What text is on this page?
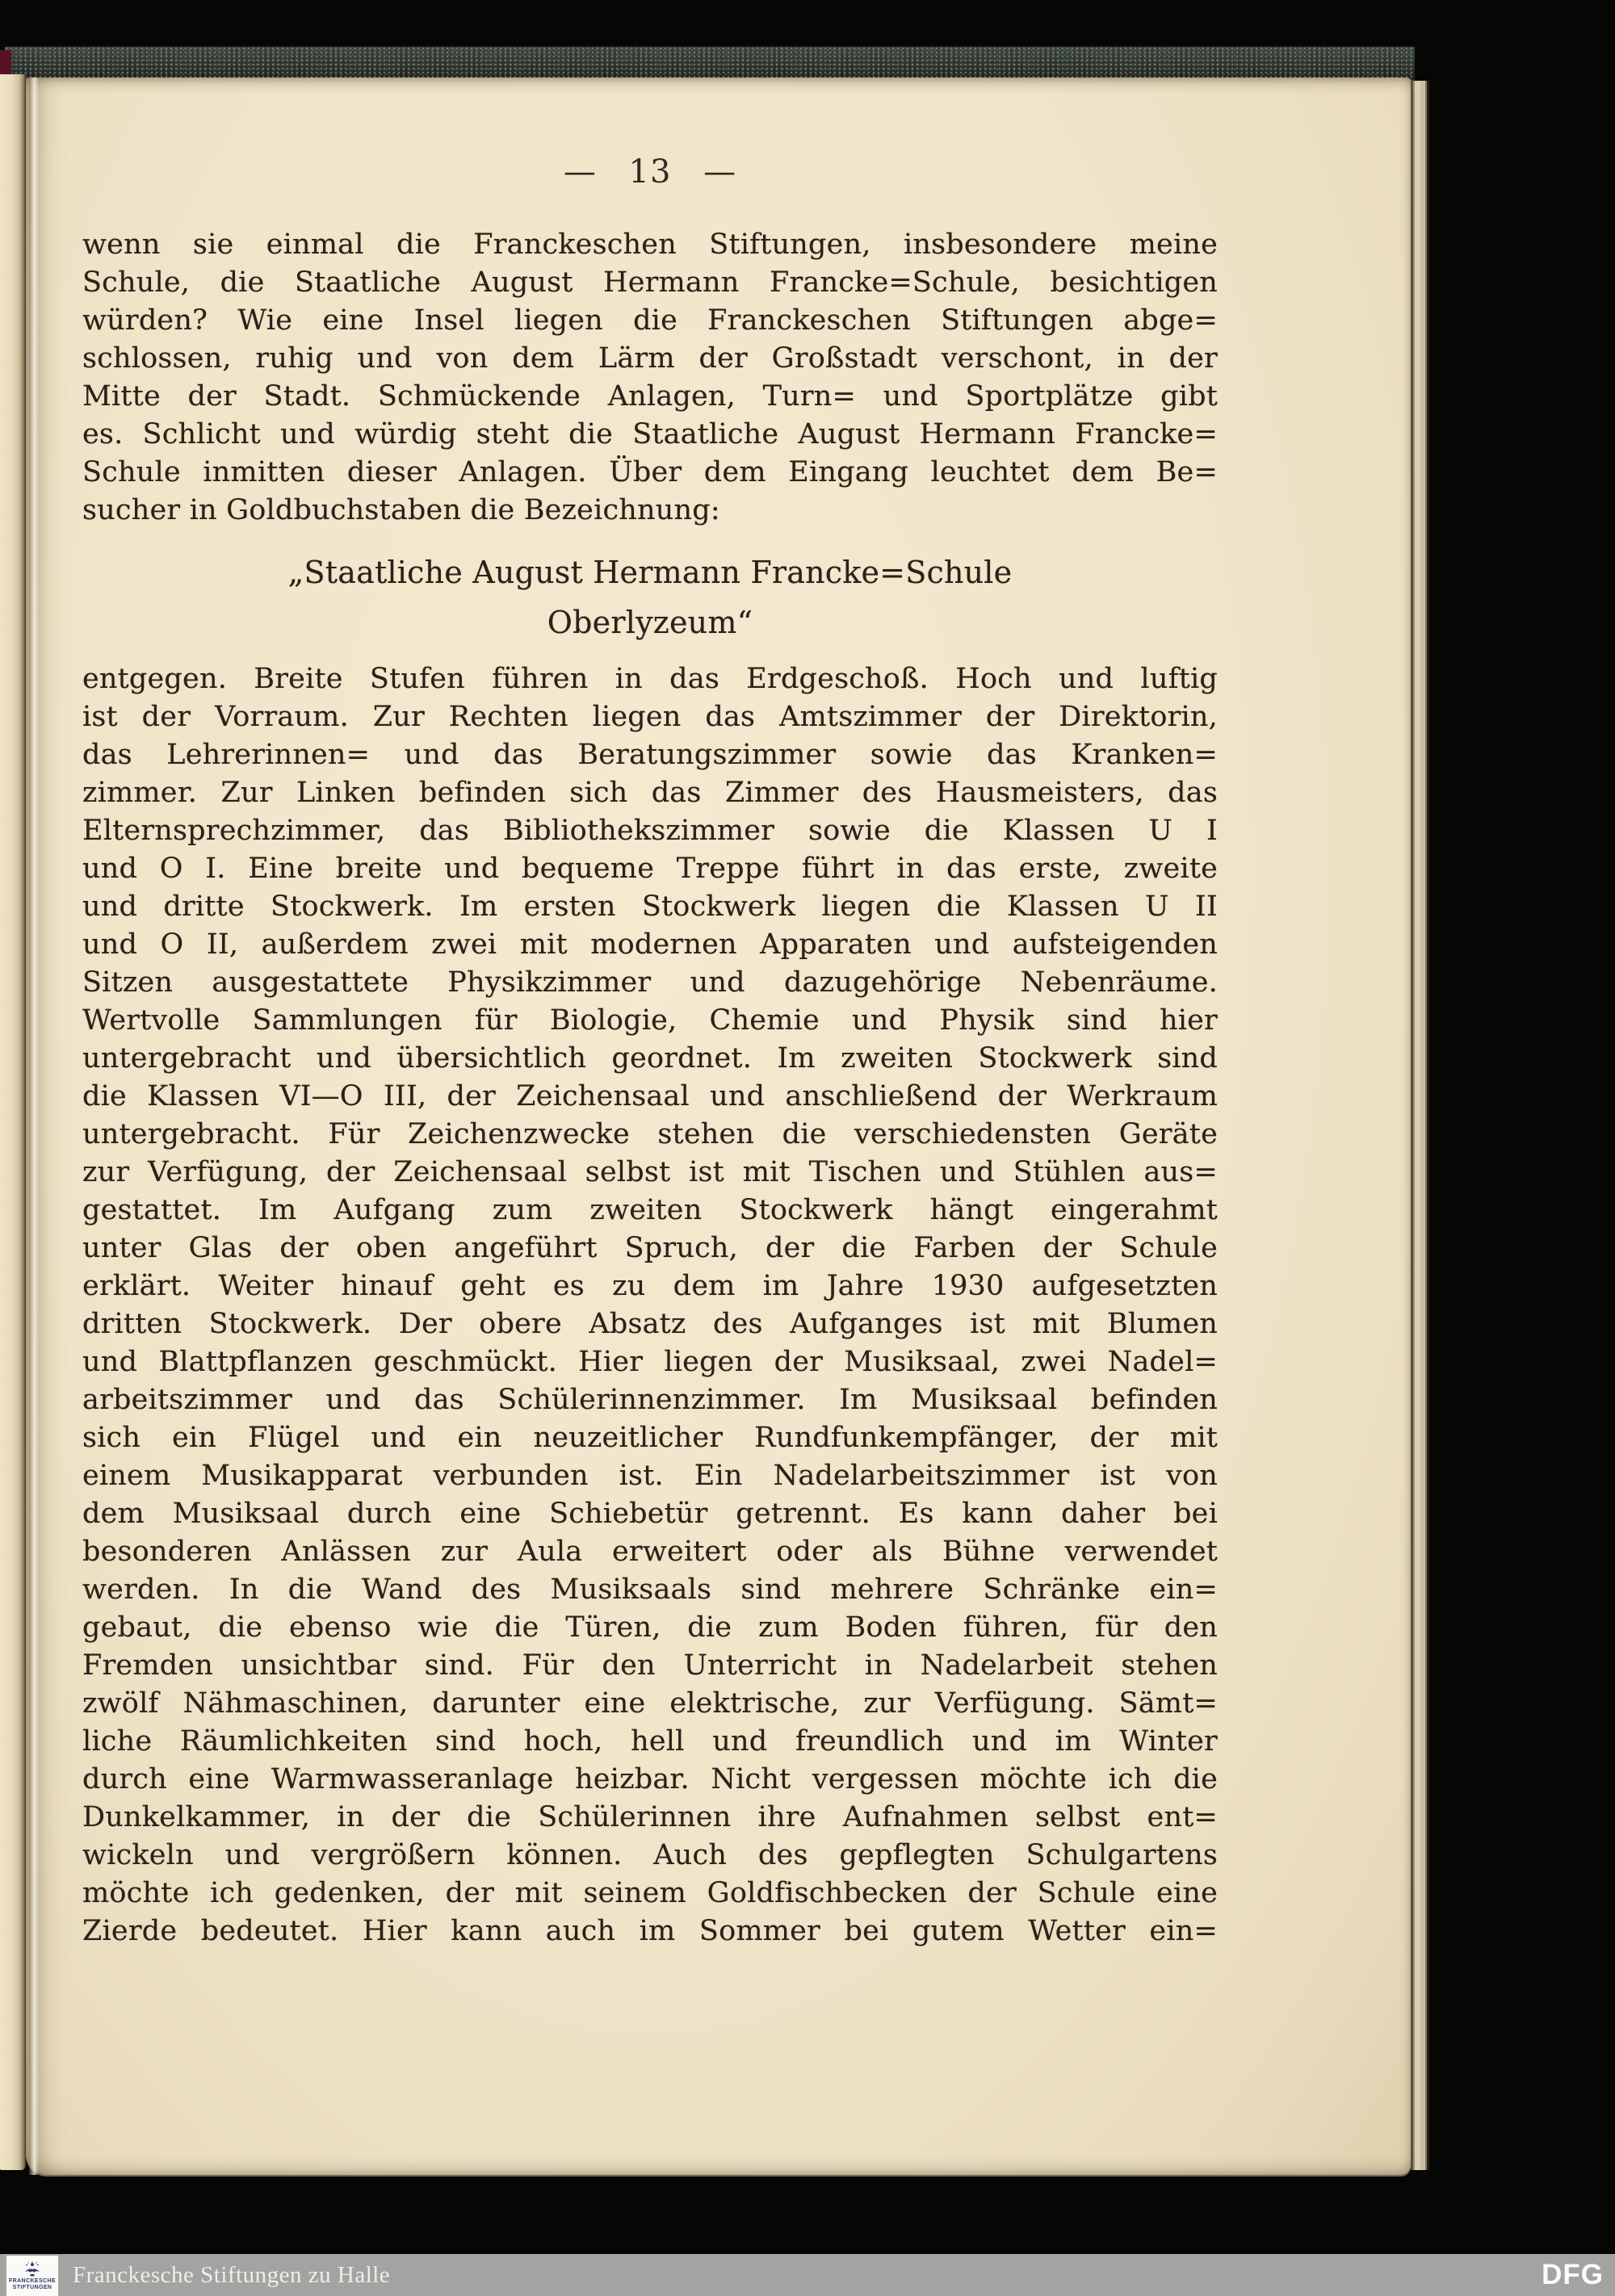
— 13 —
wenn sie einmal die Franckeschen Stiftungen, insbesondere meine
Schule, die Staatliche August Hermann Francke=Schule, besichtigen
würden? Wie eine Insel liegen die Franckeschen Stiftungen abge=
schlossen, ruhig und von dem Lärm der Großstadt verschont, in der
Mitte der Stadt. Schmückende Anlagen, Turn= und Sportplätze gibt
es. Schlicht und würdig steht die Staatliche August Hermann Francke=
Schule inmitten dieser Anlagen. Über dem Eingang leuchtet dem Be=
sucher in Goldbuchstaben die Bezeichnung:
„Staatliche August Hermann Francke=Schule
Oberlyzeum“
entgegen. Breite Stufen führen in das Erdgeschoß. Hoch und luftig
ist der Vorraum. Zur Rechten liegen das Amtszimmer der Direktorin,
das Lehrerinnen= und das Beratungszimmer sowie das Kranken=
zimmer. Zur Linken befinden sich das Zimmer des Hausmeisters, das
Elternsprechzimmer, das Bibliothekszimmer sowie die Klassen U I
und O I. Eine breite und bequeme Treppe führt in das erste, zweite
und dritte Stockwerk. Im ersten Stockwerk liegen die Klassen U II
und O II, außerdem zwei mit modernen Apparaten und aufsteigenden
Sitzen ausgestattete Physikzimmer und dazugehörige Nebenräume.
Wertvolle Sammlungen für Biologie, Chemie und Physik sind hier
untergebracht und übersichtlich geordnet. Im zweiten Stockwerk sind
die Klassen VI—O III, der Zeichensaal und anschließend der Werkraum
untergebracht. Für Zeichenzwecke stehen die verschiedensten Geräte
zur Verfügung, der Zeichensaal selbst ist mit Tischen und Stühlen aus=
gestattet. Im Aufgang zum zweiten Stockwerk hängt eingerahmt
unter Glas der oben angeführt Spruch, der die Farben der Schule
erklärt. Weiter hinauf geht es zu dem im Jahre 1930 aufgesetzten
dritten Stockwerk. Der obere Absatz des Aufganges ist mit Blumen
und Blattpflanzen geschmückt. Hier liegen der Musiksaal, zwei Nadel=
arbeitszimmer und das Schülerinnenzimmer. Im Musiksaal befinden
sich ein Flügel und ein neuzeitlicher Rundfunkempfänger, der mit
einem Musikapparat verbunden ist. Ein Nadelarbeitszimmer ist von
dem Musiksaal durch eine Schiebetür getrennt. Es kann daher bei
besonderen Anlässen zur Aula erweitert oder als Bühne verwendet
werden. In die Wand des Musiksaals sind mehrere Schränke ein=
gebaut, die ebenso wie die Türen, die zum Boden führen, für den
Fremden unsichtbar sind. Für den Unterricht in Nadelarbeit stehen
zwölf Nähmaschinen, darunter eine elektrische, zur Verfügung. Sämt=
liche Räumlichkeiten sind hoch, hell und freundlich und im Winter
durch eine Warmwasseranlage heizbar. Nicht vergessen möchte ich die
Dunkelkammer, in der die Schülerinnen ihre Aufnahmen selbst ent=
wickeln und vergrößern können. Auch des gepflegten Schulgartens
möchte ich gedenken, der mit seinem Goldfischbecken der Schule eine
Zierde bedeutet. Hier kann auch im Sommer bei gutem Wetter ein=
FRANCKESCHE
STIFTUNGEN Franckesche Stiftungen zu Halle	DFG
